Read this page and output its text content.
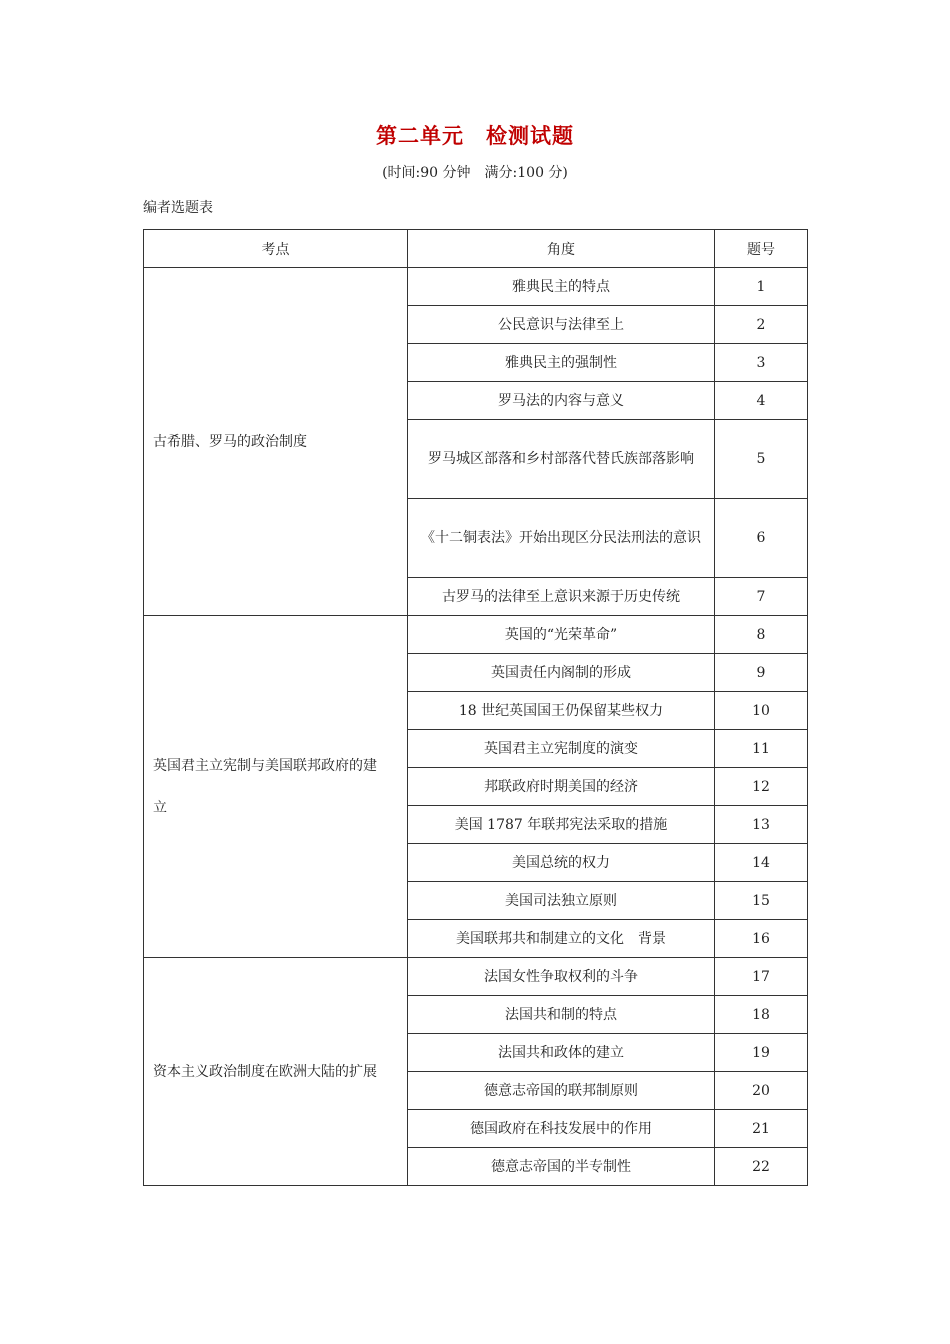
第二单元　检测试题
(时间:90 分钟　满分:100 分)
编者选题表
考点	角度	题号
古希腊、罗马的政治制度	雅典民主的特点	1
	公民意识与法律至上	2
	雅典民主的强制性	3
	罗马法的内容与意义	4
	罗马城区部落和乡村部落代替氏族部落影响	5
	《十二铜表法》开始出现区分民法刑法的意识	6
	古罗马的法律至上意识来源于历史传统	7
英国君主立宪制与美国联邦政府的建立	英国的“光荣革命”	8
	英国责任内阁制的形成	9
	18 世纪英国国王仍保留某些权力	10
	英国君主立宪制度的演变	11
	邦联政府时期美国的经济	12
	美国 1787 年联邦宪法采取的措施	13
	美国总统的权力	14
	美国司法独立原则	15
	美国联邦共和制建立的文化　背景	16
资本主义政治制度在欧洲大陆的扩展	法国女性争取权利的斗争	17
	法国共和制的特点	18
	法国共和政体的建立	19
	德意志帝国的联邦制原则	20
	德国政府在科技发展中的作用	21
	德意志帝国的半专制性	22
